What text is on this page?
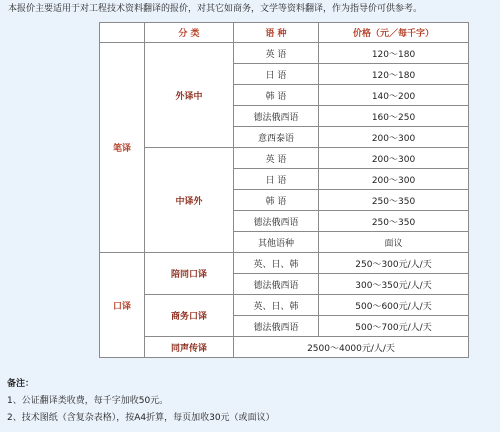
本报价主要适用于对工程技术资料翻译的报价，对其它如商务，文学等资料翻译，作为指导价可供参考。
	分 类	语 种	价格（元／每千字）
笔译	外译中	英 语	120～180
		日 语	120～180
		韩 语	140～200
		德法俄西语	160～250
		意西泰语	200～300
	中译外	英 语	200～300
		日 语	200～300
		韩 语	250～350
		德法俄西语	250～350
		其他语种	面议
口译	陪同口译	英、日、韩	250～300元/人/天
		德法俄西语	300～350元/人/天
	商务口译	英、日、韩	500～600元/人/天
		德法俄西语	500～700元/人/天
	同声传译	2500～4000元/人/天	
备注：
1、公证翻译类收费，每千字加收50元。
2、技术图纸（含复杂表格），按A4折算，每页加收30元（或面议）
